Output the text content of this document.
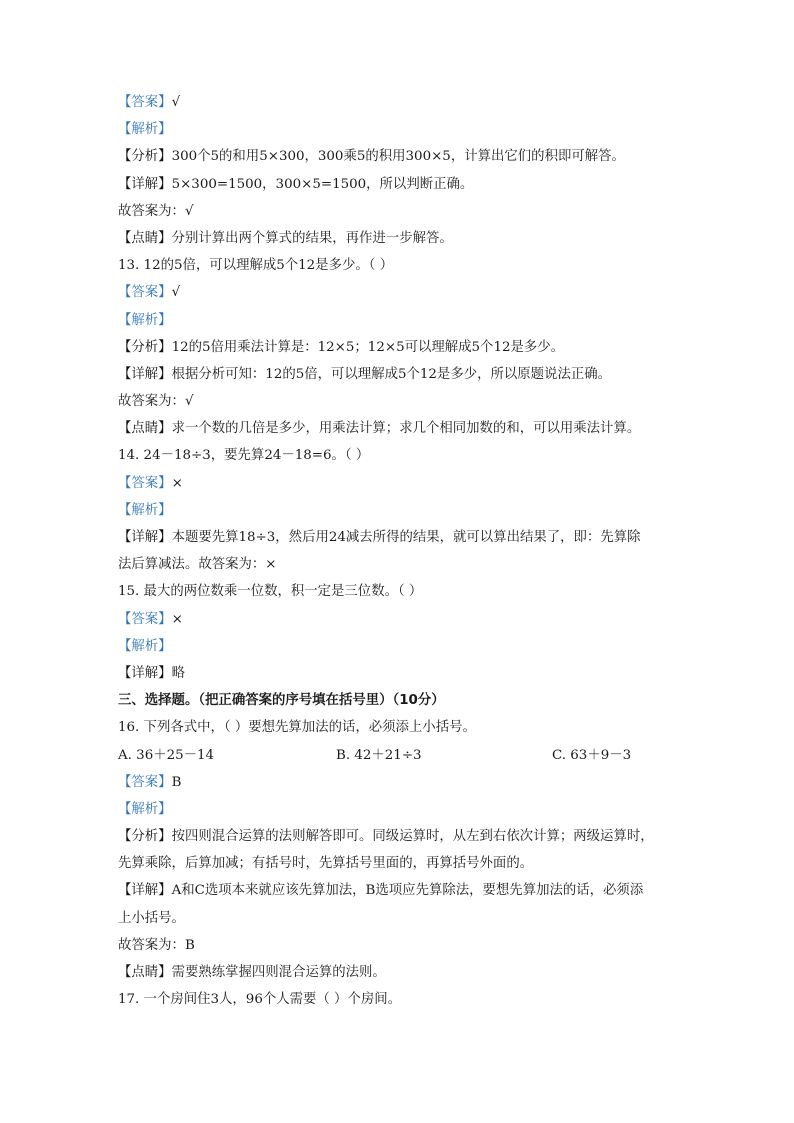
【答案】√
【解析】
【分析】300个5的和用5×300，300乘5的积用300×5，计算出它们的积即可解答。
【详解】5×300=1500，300×5=1500，所以判断正确。
故答案为：√
【点睛】分别计算出两个算式的结果，再作进一步解答。
13. 12的5倍，可以理解成5个12是多少。（ ）
【答案】√
【解析】
【分析】12的5倍用乘法计算是：12×5；12×5可以理解成5个12是多少。
【详解】根据分析可知：12的5倍，可以理解成5个12是多少，所以原题说法正确。
故答案为：√
【点睛】求一个数的几倍是多少，用乘法计算；求几个相同加数的和，可以用乘法计算。
14. 24－18÷3，要先算24－18=6。（ ）
【答案】×
【解析】
【详解】本题要先算18÷3，然后用24减去所得的结果，就可以算出结果了，即：先算除
法后算减法。故答案为：×
15. 最大的两位数乘一位数，积一定是三位数。（ ）
【答案】×
【解析】
【详解】略
三、选择题。（把正确答案的序号填在括号里）（10分）
16. 下列各式中，（ ）要想先算加法的话，必须添上小括号。
A. 36＋25－14	B. 42＋21÷3	C. 63＋9－3
【答案】B
【解析】
【分析】按四则混合运算的法则解答即可。同级运算时，从左到右依次计算；两级运算时，
先算乘除，后算加减；有括号时，先算括号里面的，再算括号外面的。
【详解】A和C选项本来就应该先算加法，B选项应先算除法，要想先算加法的话，必须添
上小括号。
故答案为：B
【点睛】需要熟练掌握四则混合运算的法则。
17. 一个房间住3人，96个人需要（ ）个房间。
